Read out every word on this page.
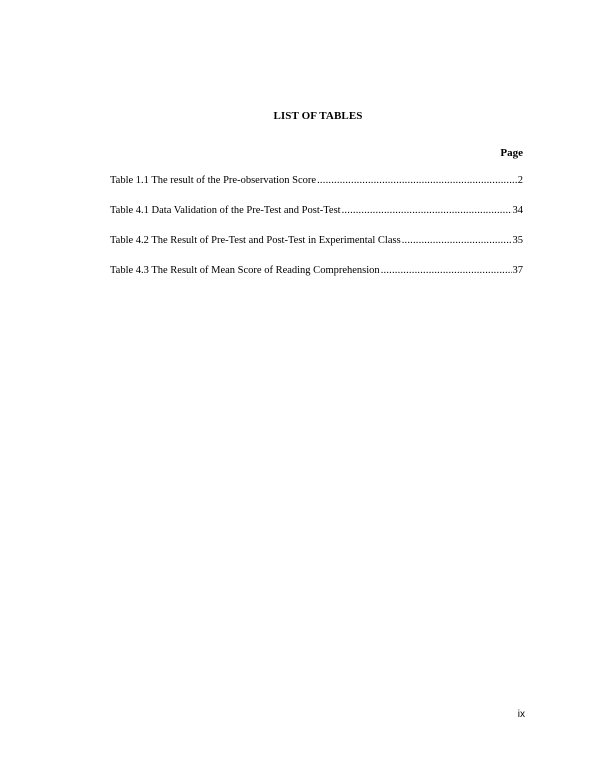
LIST OF TABLES
Page
Table 1.1 The result of the Pre-observation Score .....	2
Table 4.1 Data Validation of the Pre-Test and Post-Test .....	34
Table 4.2 The Result of Pre-Test and Post-Test in Experimental Class .....	35
Table 4.3 The Result of Mean Score of Reading Comprehension .....	37
ix
